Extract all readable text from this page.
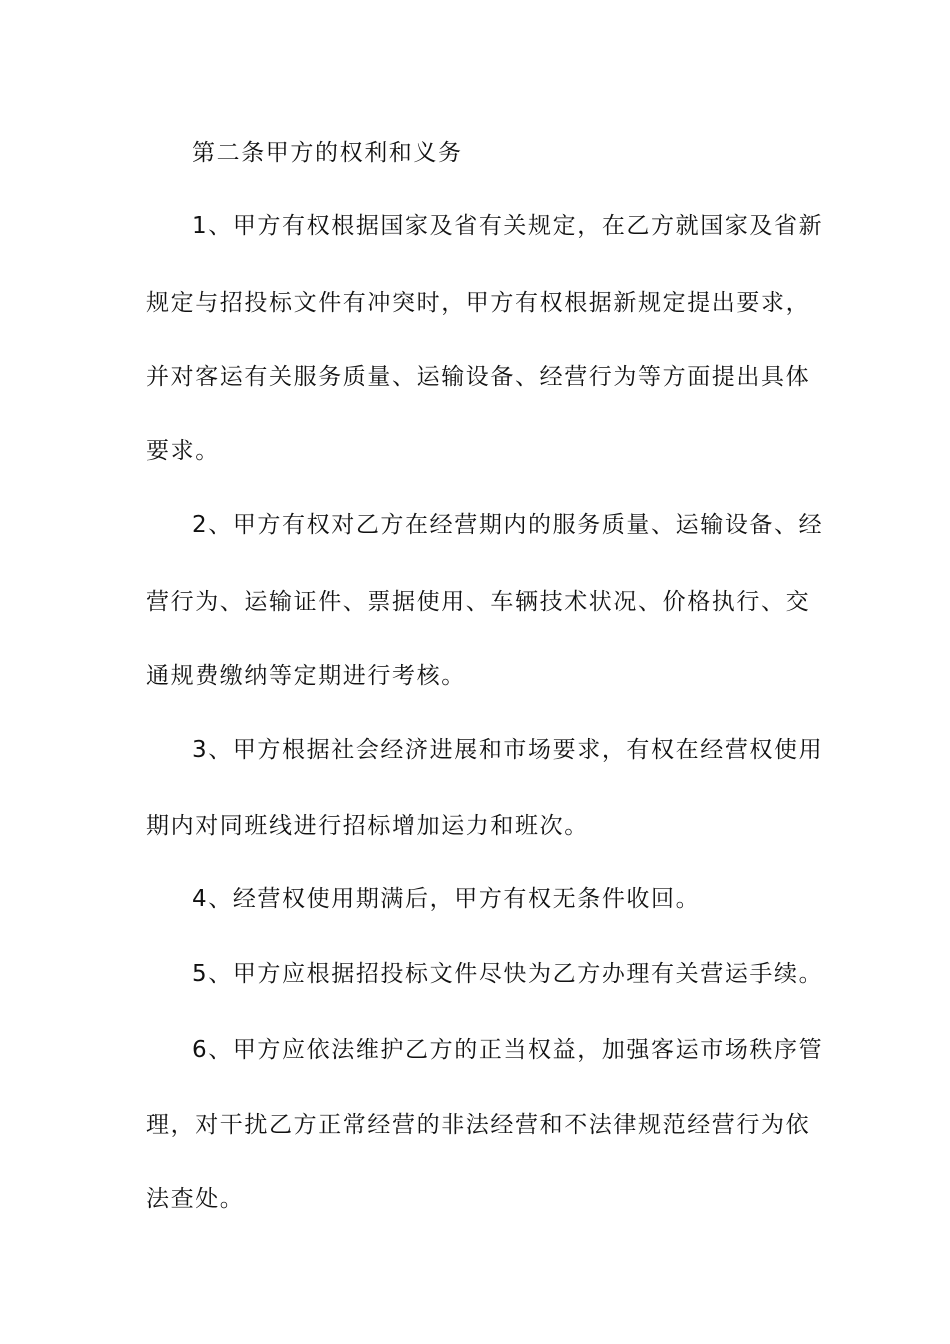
第二条甲方的权利和义务
1、甲方有权根据国家及省有关规定，在乙方就国家及省新
规定与招投标文件有冲突时，甲方有权根据新规定提出要求，
并对客运有关服务质量、运输设备、经营行为等方面提出具体
要求。
2、甲方有权对乙方在经营期内的服务质量、运输设备、经
营行为、运输证件、票据使用、车辆技术状况、价格执行、交
通规费缴纳等定期进行考核。
3、甲方根据社会经济进展和市场要求，有权在经营权使用
期内对同班线进行招标增加运力和班次。
4、经营权使用期满后，甲方有权无条件收回。
5、甲方应根据招投标文件尽快为乙方办理有关营运手续。
6、甲方应依法维护乙方的正当权益，加强客运市场秩序管
理，对干扰乙方正常经营的非法经营和不法律规范经营行为依
法查处。
